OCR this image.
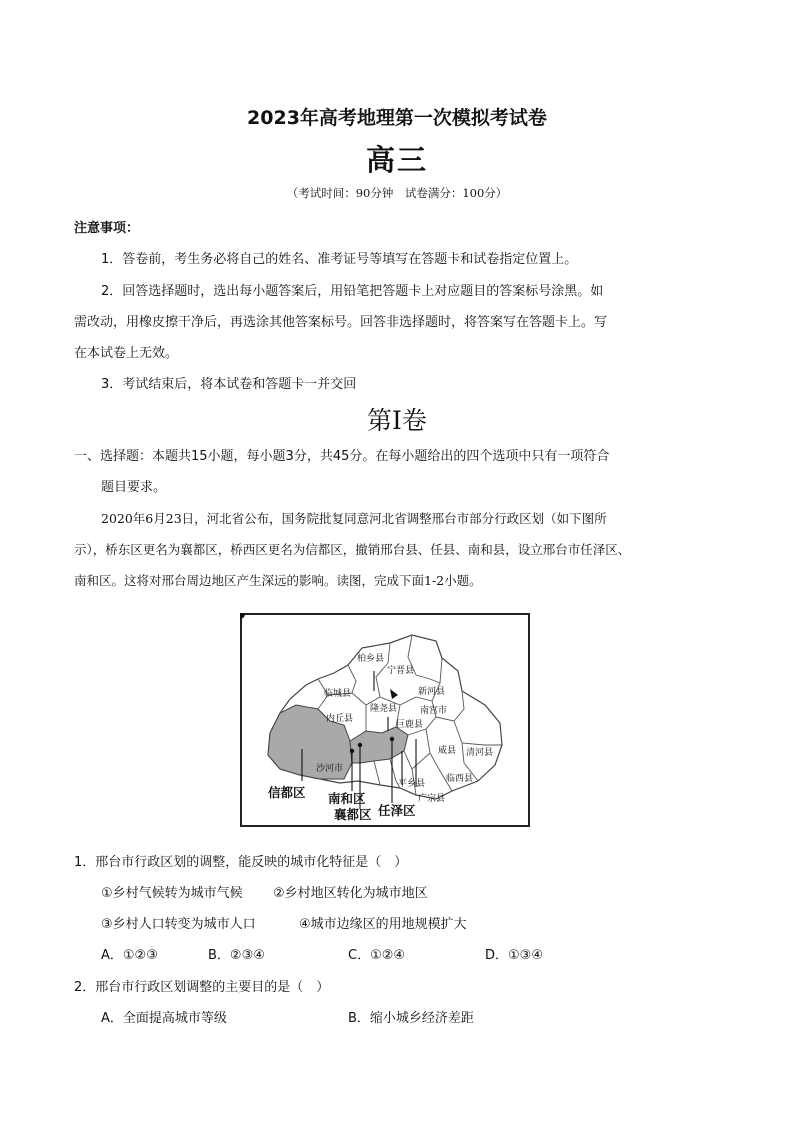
2023年高考地理第一次模拟考试卷
高三
（考试时间：90分钟　试卷满分：100分）
注意事项：
1．答卷前，考生务必将自己的姓名、准考证号等填写在答题卡和试卷指定位置上。
2．回答选择题时，选出每小题答案后，用铅笔把答题卡上对应题目的答案标号涂黑。如
需改动，用橡皮擦干净后，再选涂其他答案标号。回答非选择题时，将答案写在答题卡上。写
在本试卷上无效。
3．考试结束后，将本试卷和答题卡一并交回
第Ⅰ卷
一、选择题：本题共15小题，每小题3分，共45分。在每小题给出的四个选项中只有一项符合
题目要求。
2020年6月23日，河北省公布，国务院批复同意河北省调整邢台市部分行政区划（如下图所
示），桥东区更名为襄都区，桥西区更名为信都区，撤销邢台县、任县、南和县，设立邢台市任泽区、
南和区。这将对邢台周边地区产生深远的影响。读图，完成下面1-2小题。
柏乡县
宁晋县
临城县
隆尧县
新河县
南宫市
内丘县
巨鹿县
威县 清河县
沙河市
平乡县
广宗县
临西县
信都区 南和区
襄都区 任泽区
1．邢台市行政区划的调整，能反映的城市化特征是（　）
①乡村气候转为城市气候 ②乡村地区转化为城市地区
③乡村人口转变为城市人口	④城市边缘区的用地规模扩大
A．①②③	B．②③④	C．①②④	D．①③④
2．邢台市行政区划调整的主要目的是（　）
A．全面提高城市等级	B．缩小城乡经济差距
